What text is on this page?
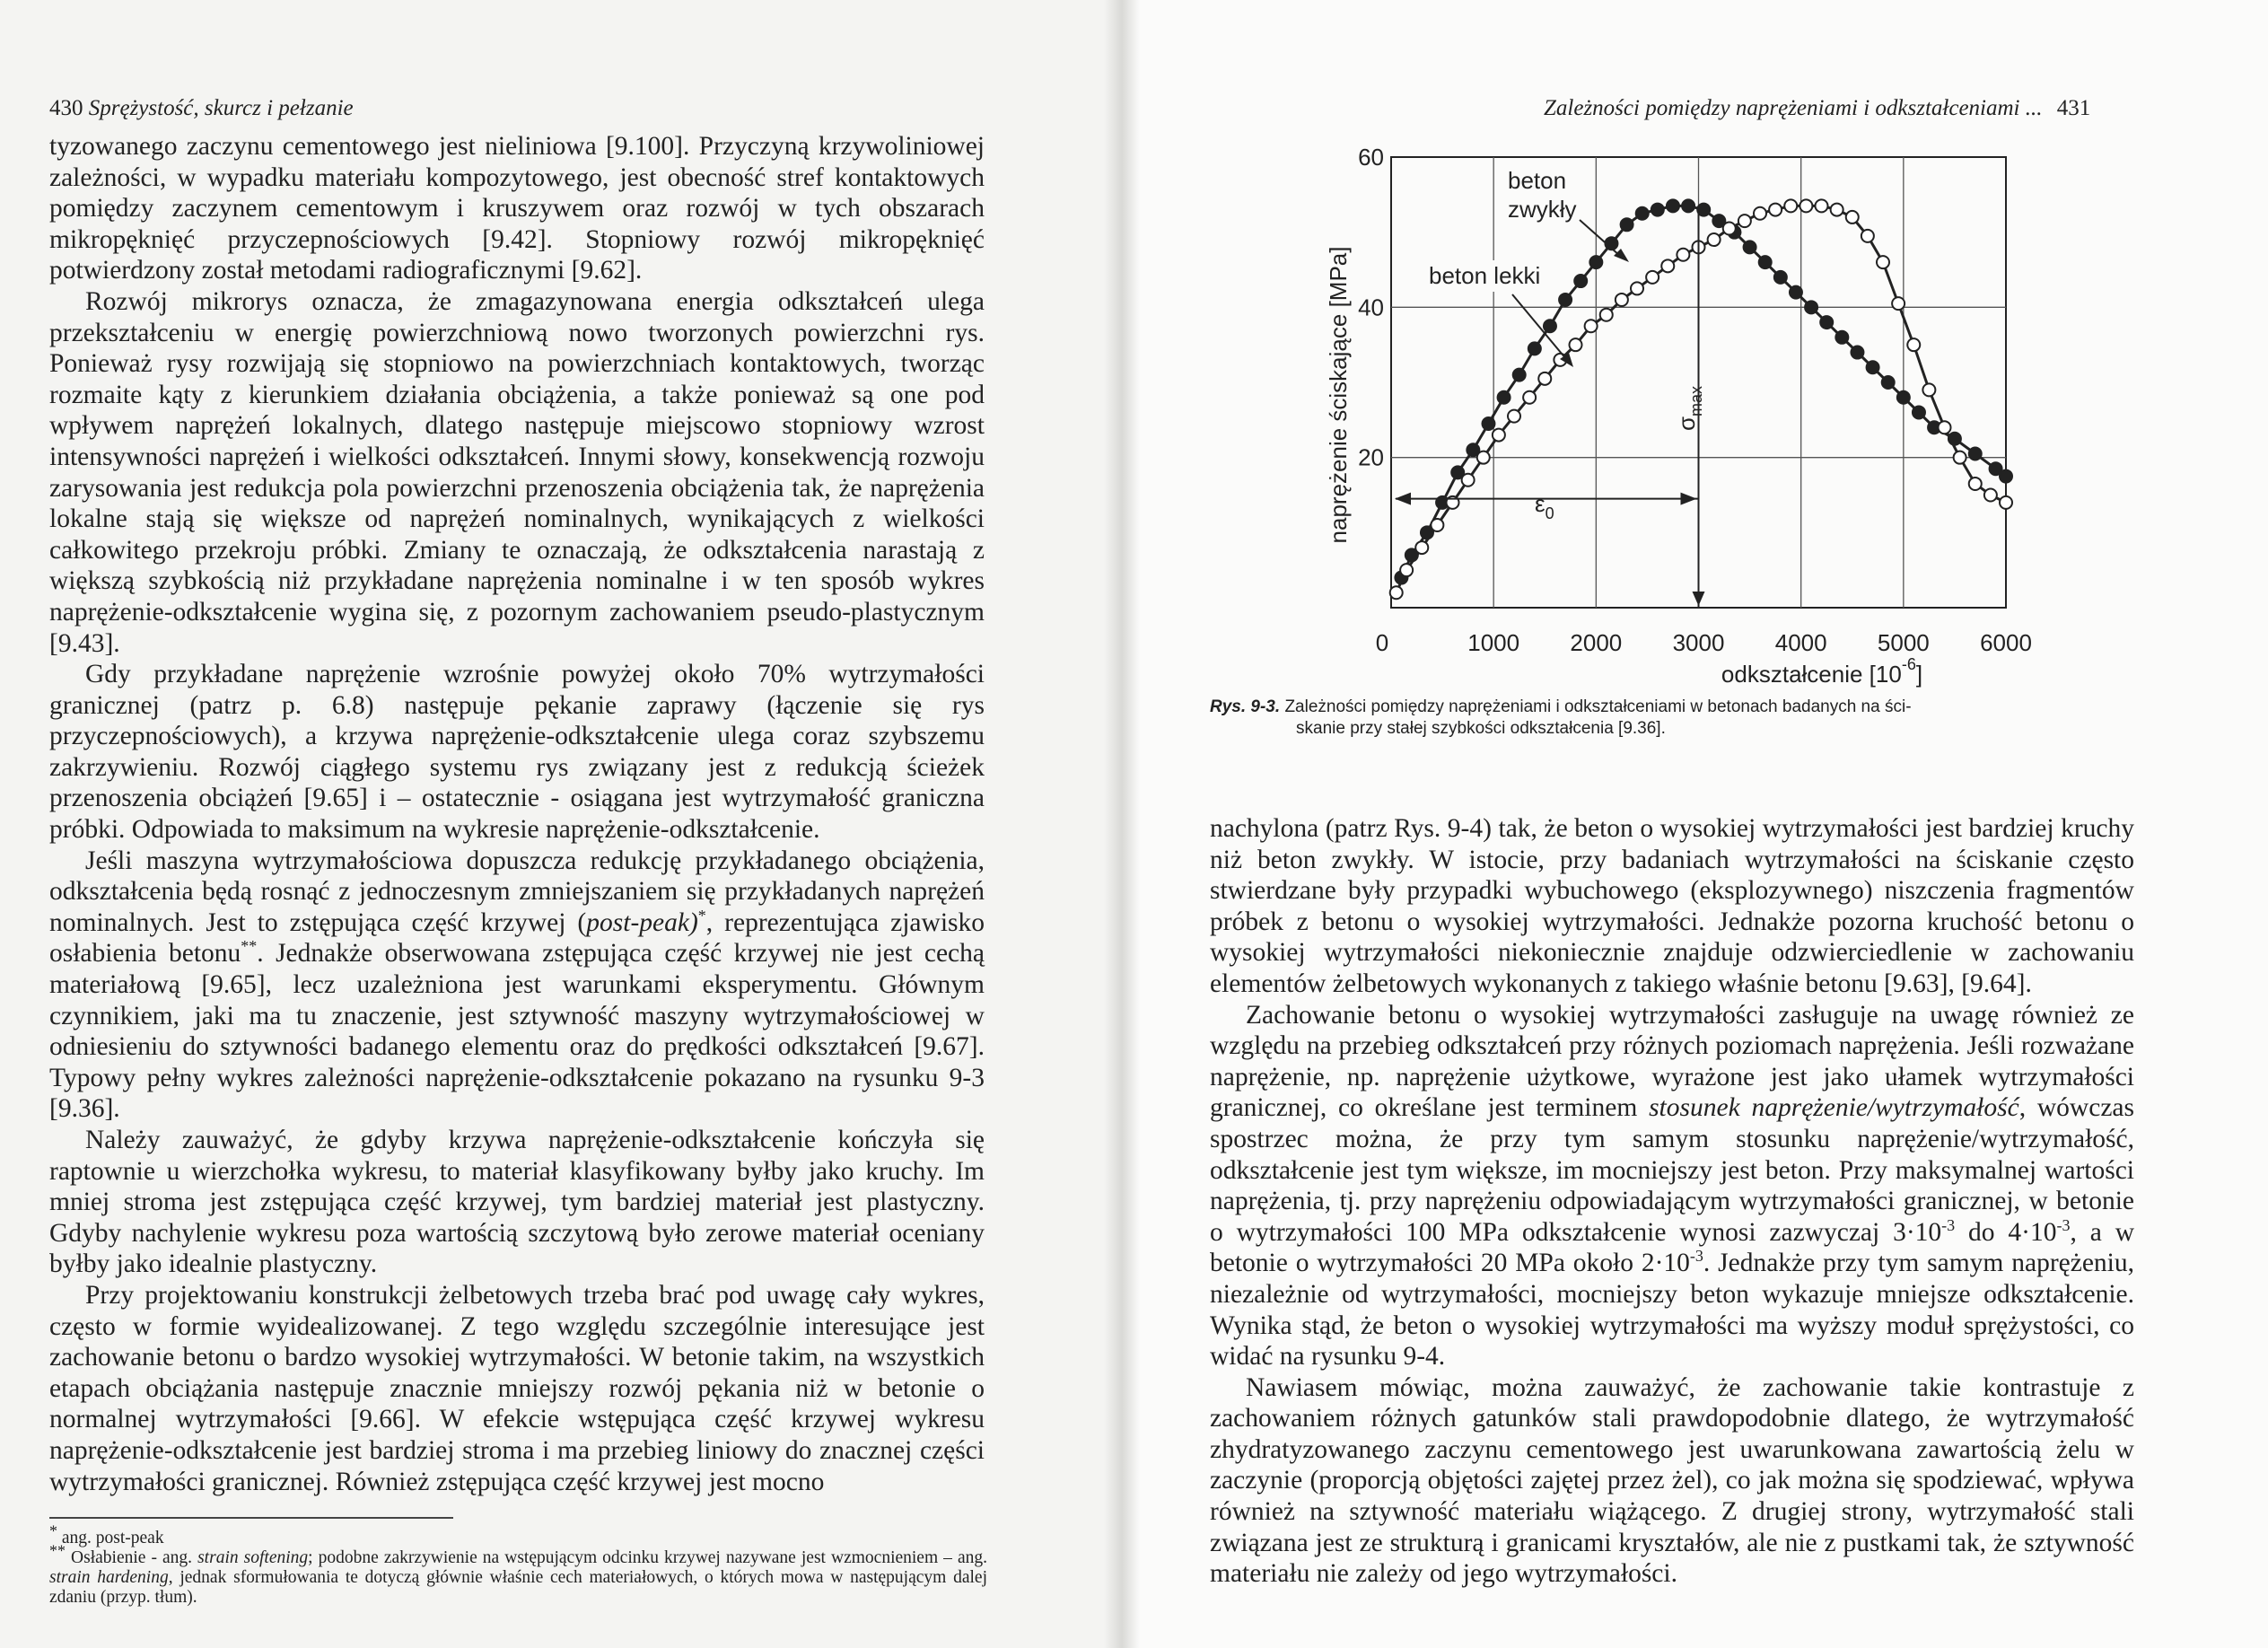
430 Sprężystość, skurcz i pełzanie

tyzowanego zaczynu cementowego jest nieliniowa [9.100]. Przyczyną krzywoliniowej zależności, w wypadku materiału kompozytowego, jest obecność stref kontaktowych pomiędzy zaczynem cementowym i kruszywem oraz rozwój w tych obszarach mikropęknięć przyczepnościowych [9.42]. Stopniowy rozwój mikropęknięć potwierdzony został metodami radiograficznymi [9.62].

Rozwój mikrorys oznacza, że zmagazynowana energia odkształceń ulega przekształceniu w energię powierzchniową nowo tworzonych powierzchni rys. Ponieważ rysy rozwijają się stopniowo na powierzchniach kontaktowych, tworząc rozmaite kąty z kierunkiem działania obciążenia, a także ponieważ są one pod wpływem naprężeń lokalnych, dlatego następuje miejscowo stopniowy wzrost intensywności naprężeń i wielkości odkształceń. Innymi słowy, konsekwencją rozwoju zarysowania jest redukcja pola powierzchni przenoszenia obciążenia tak, że naprężenia lokalne stają się większe od naprężeń nominalnych, wynikających z wielkości całkowitego przekroju próbki. Zmiany te oznaczają, że odkształcenia narastają z większą szybkością niż przykładane naprężenia nominalne i w ten sposób wykres naprężenie-odkształcenie wygina się, z pozornym zachowaniem pseudo-plastycznym [9.43].

Gdy przykładane naprężenie wzrośnie powyżej około 70% wytrzymałości granicznej (patrz p. 6.8) następuje pękanie zaprawy (łączenie się rys przyczepnościowych), a krzywa naprężenie-odkształcenie ulega coraz szybszemu zakrzywieniu. Rozwój ciągłego systemu rys związany jest z redukcją ścieżek przenoszenia obciążeń [9.65] i – ostatecznie - osiągana jest wytrzymałość graniczna próbki. Odpowiada to maksimum na wykresie naprężenie-odkształcenie.

Jeśli maszyna wytrzymałościowa dopuszcza redukcję przykładanego obciążenia, odkształcenia będą rosnąć z jednoczesnym zmniejszaniem się przykładanych naprężeń nominalnych. Jest to zstępująca część krzywej (post-peak)*, reprezentująca zjawisko osłabienia betonu**. Jednakże obserwowana zstępująca część krzywej nie jest cechą materiałową [9.65], lecz uzależniona jest warunkami eksperymentu. Głównym czynnikiem, jaki ma tu znaczenie, jest sztywność maszyny wytrzymałościowej w odniesieniu do sztywności badanego elementu oraz do prędkości odkształceń [9.67]. Typowy pełny wykres zależności naprężenie-odkształcenie pokazano na rysunku 9-3 [9.36].

Należy zauważyć, że gdyby krzywa naprężenie-odkształcenie kończyła się raptownie u wierzchołka wykresu, to materiał klasyfikowany byłby jako kruchy. Im mniej stroma jest zstępująca część krzywej, tym bardziej materiał jest plastyczny. Gdyby nachylenie wykresu poza wartością szczytową było zerowe materiał oceniany byłby jako idealnie plastyczny.

Przy projektowaniu konstrukcji żelbetowych trzeba brać pod uwagę cały wykres, często w formie wyidealizowanej. Z tego względu szczególnie interesujące jest zachowanie betonu o bardzo wysokiej wytrzymałości. W betonie takim, na wszystkich etapach obciążania następuje znacznie mniejszy rozwój pękania niż w betonie o normalnej wytrzymałości [9.66]. W efekcie wstępująca część krzywej wykresu naprężenie-odkształcenie jest bardziej stroma i ma przebieg liniowy do znacznej części wytrzymałości granicznej. Również zstępująca część krzywej jest mocno

* ang. post-peak

** Osłabienie - ang. strain softening; podobne zakrzywienie na wstępującym odcinku krzywej nazywane jest wzmocnieniem – ang. strain hardening, jednak sformułowania te dotyczą głównie właśnie cech materiałowych, o których mowa w następującym dalej zdaniu (przyp. tłum).

Zależności pomiędzy naprężeniami i odkształceniami ... 431
0	1000 2000 3000 4000 5000 6000
20
40
60
naprężenie ściskające [MPa]
odkształcenie $[10^{-6}]$
beton
zwykły
beton lekki
$\sigma_{max}$
$\varepsilon_0$
Rys. 9-3. Zależności pomiędzy naprężeniami i odkształceniami w betonach badanych na ści-
skanie przy stałej szybkości odkształcenia [9.36].

nachylona (patrz Rys. 9-4) tak, że beton o wysokiej wytrzymałości jest bardziej kruchy niż beton zwykły. W istocie, przy badaniach wytrzymałości na ściskanie często stwierdzane były przypadki wybuchowego (eksplozywnego) niszczenia fragmentów próbek z betonu o wysokiej wytrzymałości. Jednakże pozorna kruchość betonu o wysokiej wytrzymałości niekoniecznie znajduje odzwierciedlenie w zachowaniu elementów żelbetowych wykonanych z takiego właśnie betonu [9.63], [9.64].

Zachowanie betonu o wysokiej wytrzymałości zasługuje na uwagę również ze względu na przebieg odkształceń przy różnych poziomach naprężenia. Jeśli rozważane naprężenie, np. naprężenie użytkowe, wyrażone jest jako ułamek wytrzymałości granicznej, co określane jest terminem stosunek naprężenie/wytrzymałość, wówczas spostrzec można, że przy tym samym stosunku naprężenie/wytrzymałość, odkształcenie jest tym większe, im mocniejszy jest beton. Przy maksymalnej wartości naprężenia, tj. przy naprężeniu odpowiadającym wytrzymałości granicznej, w betonie o wytrzymałości 100 MPa odkształcenie wynosi zazwyczaj $3\cdot 10^{-3}$ do $4\cdot 10^{-3}$, a w betonie o wytrzymałości 20 MPa około $2\cdot 10^{-3}$. Jednakże przy tym samym naprężeniu, niezależnie od wytrzymałości, mocniejszy beton wykazuje mniejsze odkształcenie. Wynika stąd, że beton o wysokiej wytrzymałości ma wyższy moduł sprężystości, co widać na rysunku 9-4.

Nawiasem mówiąc, można zauważyć, że zachowanie takie kontrastuje z zachowaniem różnych gatunków stali prawdopodobnie dlatego, że wytrzymałość zhydratyzowanego zaczynu cementowego jest uwarunkowana zawartością żelu w zaczynie (proporcją objętości zajętej przez żel), co jak można się spodziewać, wpływa również na sztywność materiału wiążącego. Z drugiej strony, wytrzymałość stali związana jest ze strukturą i granicami kryształów, ale nie z pustkami tak, że sztywność materiału nie zależy od jego wytrzymałości.
